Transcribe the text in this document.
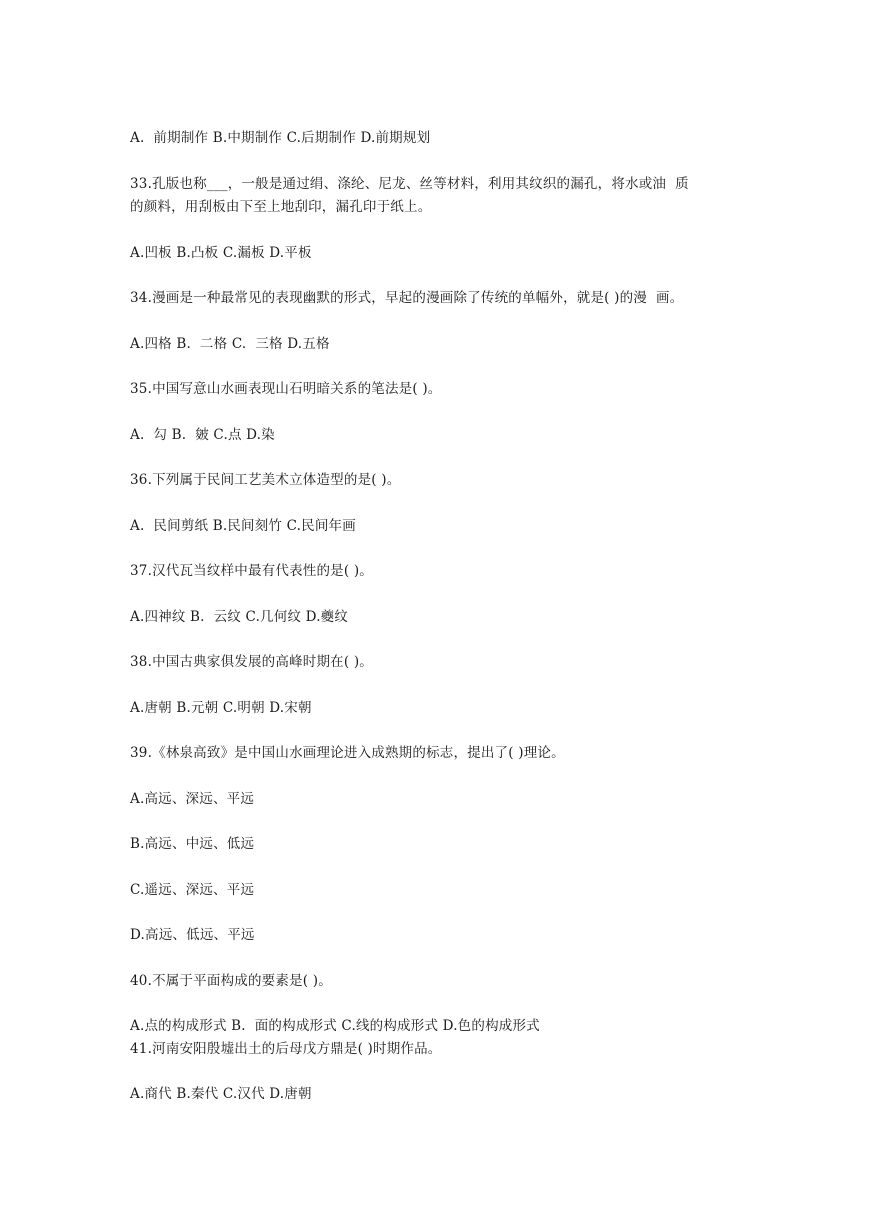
A.  前期制作 B.中期制作 C.后期制作 D.前期规划
33.孔版也称___，一般是通过绢、涤纶、尼龙、丝等材料，利用其纹织的漏孔，将水或油  质
的颜料，用刮板由下至上地刮印，漏孔印于纸上。
A.凹板 B.凸板 C.漏板 D.平板
34.漫画是一种最常见的表现幽默的形式，早起的漫画除了传统的单幅外，就是( )的漫  画。
A.四格 B.  二格 C.  三格 D.五格
35.中国写意山水画表现山石明暗关系的笔法是( )。
A.  勾 B.  皴 C.点 D.染
36.下列属于民间工艺美术立体造型的是( )。
A.  民间剪纸 B.民间刻竹 C.民间年画
37.汉代瓦当纹样中最有代表性的是( )。
A.四神纹 B.  云纹 C.几何纹 D.夔纹
38.中国古典家俱发展的高峰时期在( )。
A.唐朝 B.元朝 C.明朝 D.宋朝
39.《林泉高致》是中国山水画理论进入成熟期的标志，提出了( )理论。
A.高远、深远、平远
B.高远、中远、低远
C.遥远、深远、平远
D.高远、低远、平远
40.不属于平面构成的要素是( )。
A.点的构成形式 B.  面的构成形式 C.线的构成形式 D.色的构成形式
41.河南安阳殷墟出土的后母戊方鼎是( )时期作品。
A.商代 B.秦代 C.汉代 D.唐朝
